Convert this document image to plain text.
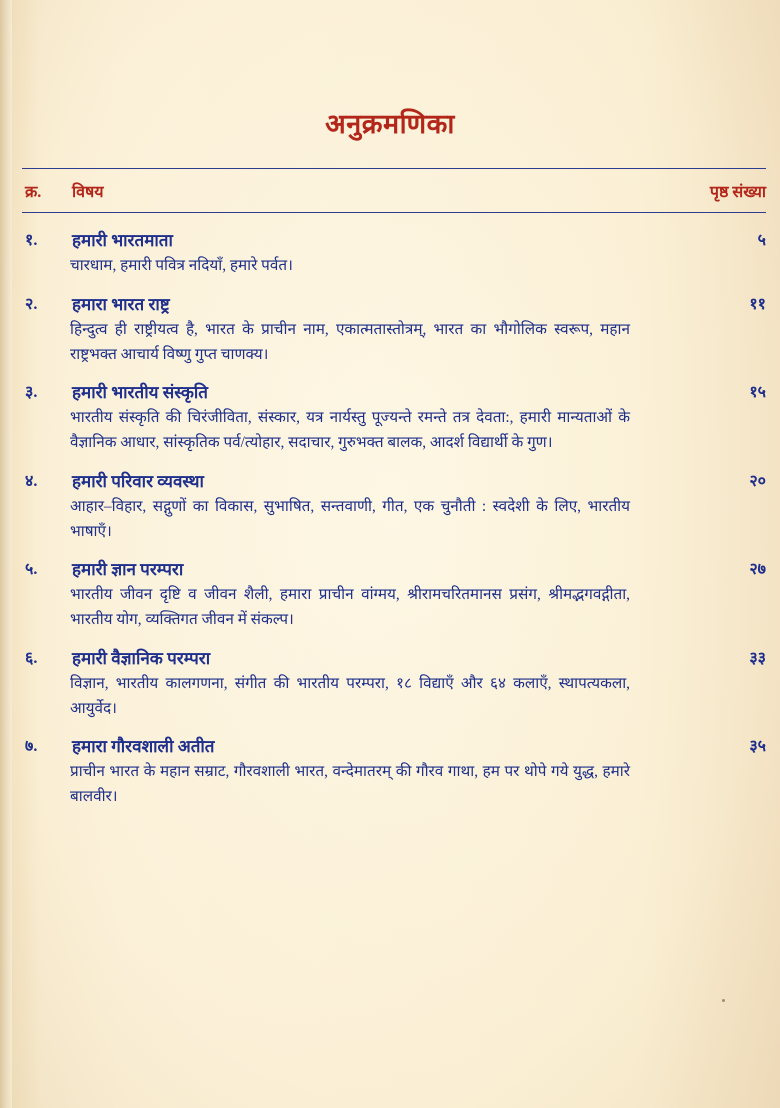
अनुक्रमणिका
क्र. विषय	पृष्ठ संख्या
१. हमारी भारतमाता	५
चारधाम, हमारी पवित्र नदियाँ, हमारे पर्वत।
२. हमारा भारत राष्ट्र	११
हिन्दुत्व ही राष्ट्रीयत्व है, भारत के प्राचीन नाम, एकात्मतास्तोत्रम्, भारत का भौगोलिक स्वरूप, महान राष्ट्रभक्त आचार्य विष्णु गुप्त चाणक्य।
३. हमारी भारतीय संस्कृति	१५
भारतीय संस्कृति की चिरंजीविता, संस्कार, यत्र नार्यस्तु पूज्यन्ते रमन्ते तत्र देवता:, हमारी मान्यताओं के वैज्ञानिक आधार, सांस्कृतिक पर्व/त्योहार, सदाचार, गुरुभक्त बालक, आदर्श विद्यार्थी के गुण।
४. हमारी परिवार व्यवस्था	२०
आहार–विहार, सद्गुणों का विकास, सुभाषित, सन्तवाणी, गीत, एक चुनौती : स्वदेशी के लिए, भारतीय भाषाएँ।
५. हमारी ज्ञान परम्परा	२७
भारतीय जीवन दृष्टि व जीवन शैली, हमारा प्राचीन वांग्मय, श्रीरामचरितमानस प्रसंग, श्रीमद्भगवद्गीता, भारतीय योग, व्यक्तिगत जीवन में संकल्प।
६. हमारी वैज्ञानिक परम्परा	३३
विज्ञान, भारतीय कालगणना, संगीत की भारतीय परम्परा, १८ विद्याएँ और ६४ कलाएँ, स्थापत्यकला, आयुर्वेद।
७. हमारा गौरवशाली अतीत	३५
प्राचीन भारत के महान सम्राट, गौरवशाली भारत, वन्देमातरम् की गौरव गाथा, हम पर थोपे गये युद्ध, हमारे बालवीर।
